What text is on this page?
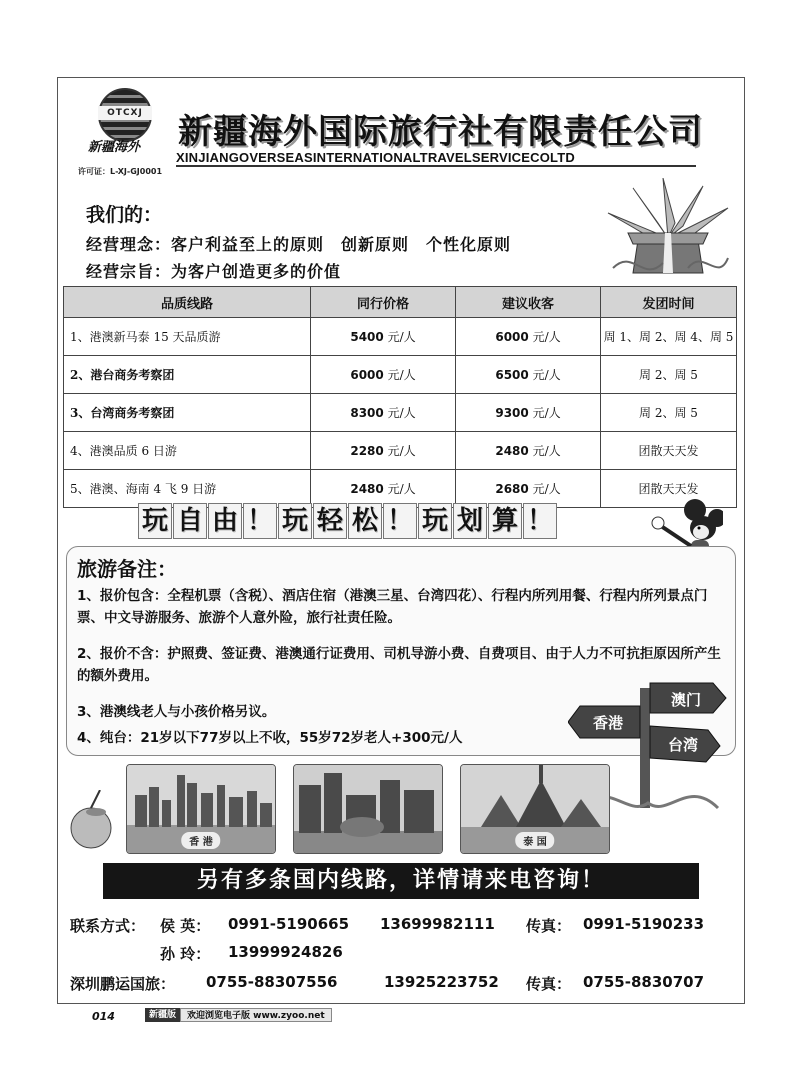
OTCXJ
新疆海外
许可证：L-XJ-GJ0001
新疆海外国际旅行社有限责任公司
XINJIANGOVERSEASINTERNATIONALTRAVELSERVICECOLTD
我们的：
经营理念：客户利益至上的原则　创新原则　个性化原则
经营宗旨：为客户创造更多的价值
品质线路	同行价格	建议收客	发团时间
1、港澳新马泰 15 天品质游	5400 元/人	6000 元/人	周 1、周 2、周 4、周 5
2、港台商务考察团	6000 元/人	6500 元/人	周 2、周 5
3、台湾商务考察团	8300 元/人	9300 元/人	周 2、周 5
4、港澳品质 6 日游	2280 元/人	2480 元/人	团散天天发
5、港澳、海南 4 飞 9 日游	2480 元/人	2680 元/人	团散天天发
玩 自 由 ！ 玩 轻 松 ！ 玩 划 算 ！
旅游备注：
1、报价包含：全程机票（含税）、酒店住宿（港澳三星、台湾四花）、行程内所列用餐、行程内所列景点门票、中文导游服务、旅游个人意外险，旅行社责任险。
2、报价不含：护照费、签证费、港澳通行证费用、司机导游小费、自费项目、由于人力不可抗拒原因所产生的额外费用。
3、港澳线老人与小孩价格另议。
4、纯台：21岁以下77岁以上不收，55岁72岁老人+300元/人
澳门
香港
台湾
香 港	泰 国
另有多条国内线路，详情请来电咨询！
联系方式： 侯 英： 0991-5190665 13699982111 传真： 0991-5190233
孙 玲： 13999924826
深圳鹏运国旅： 0755-88307556	13925223752 传真： 0755-8830707
014	新疆版	欢迎浏览电子版 www.zyoo.net
